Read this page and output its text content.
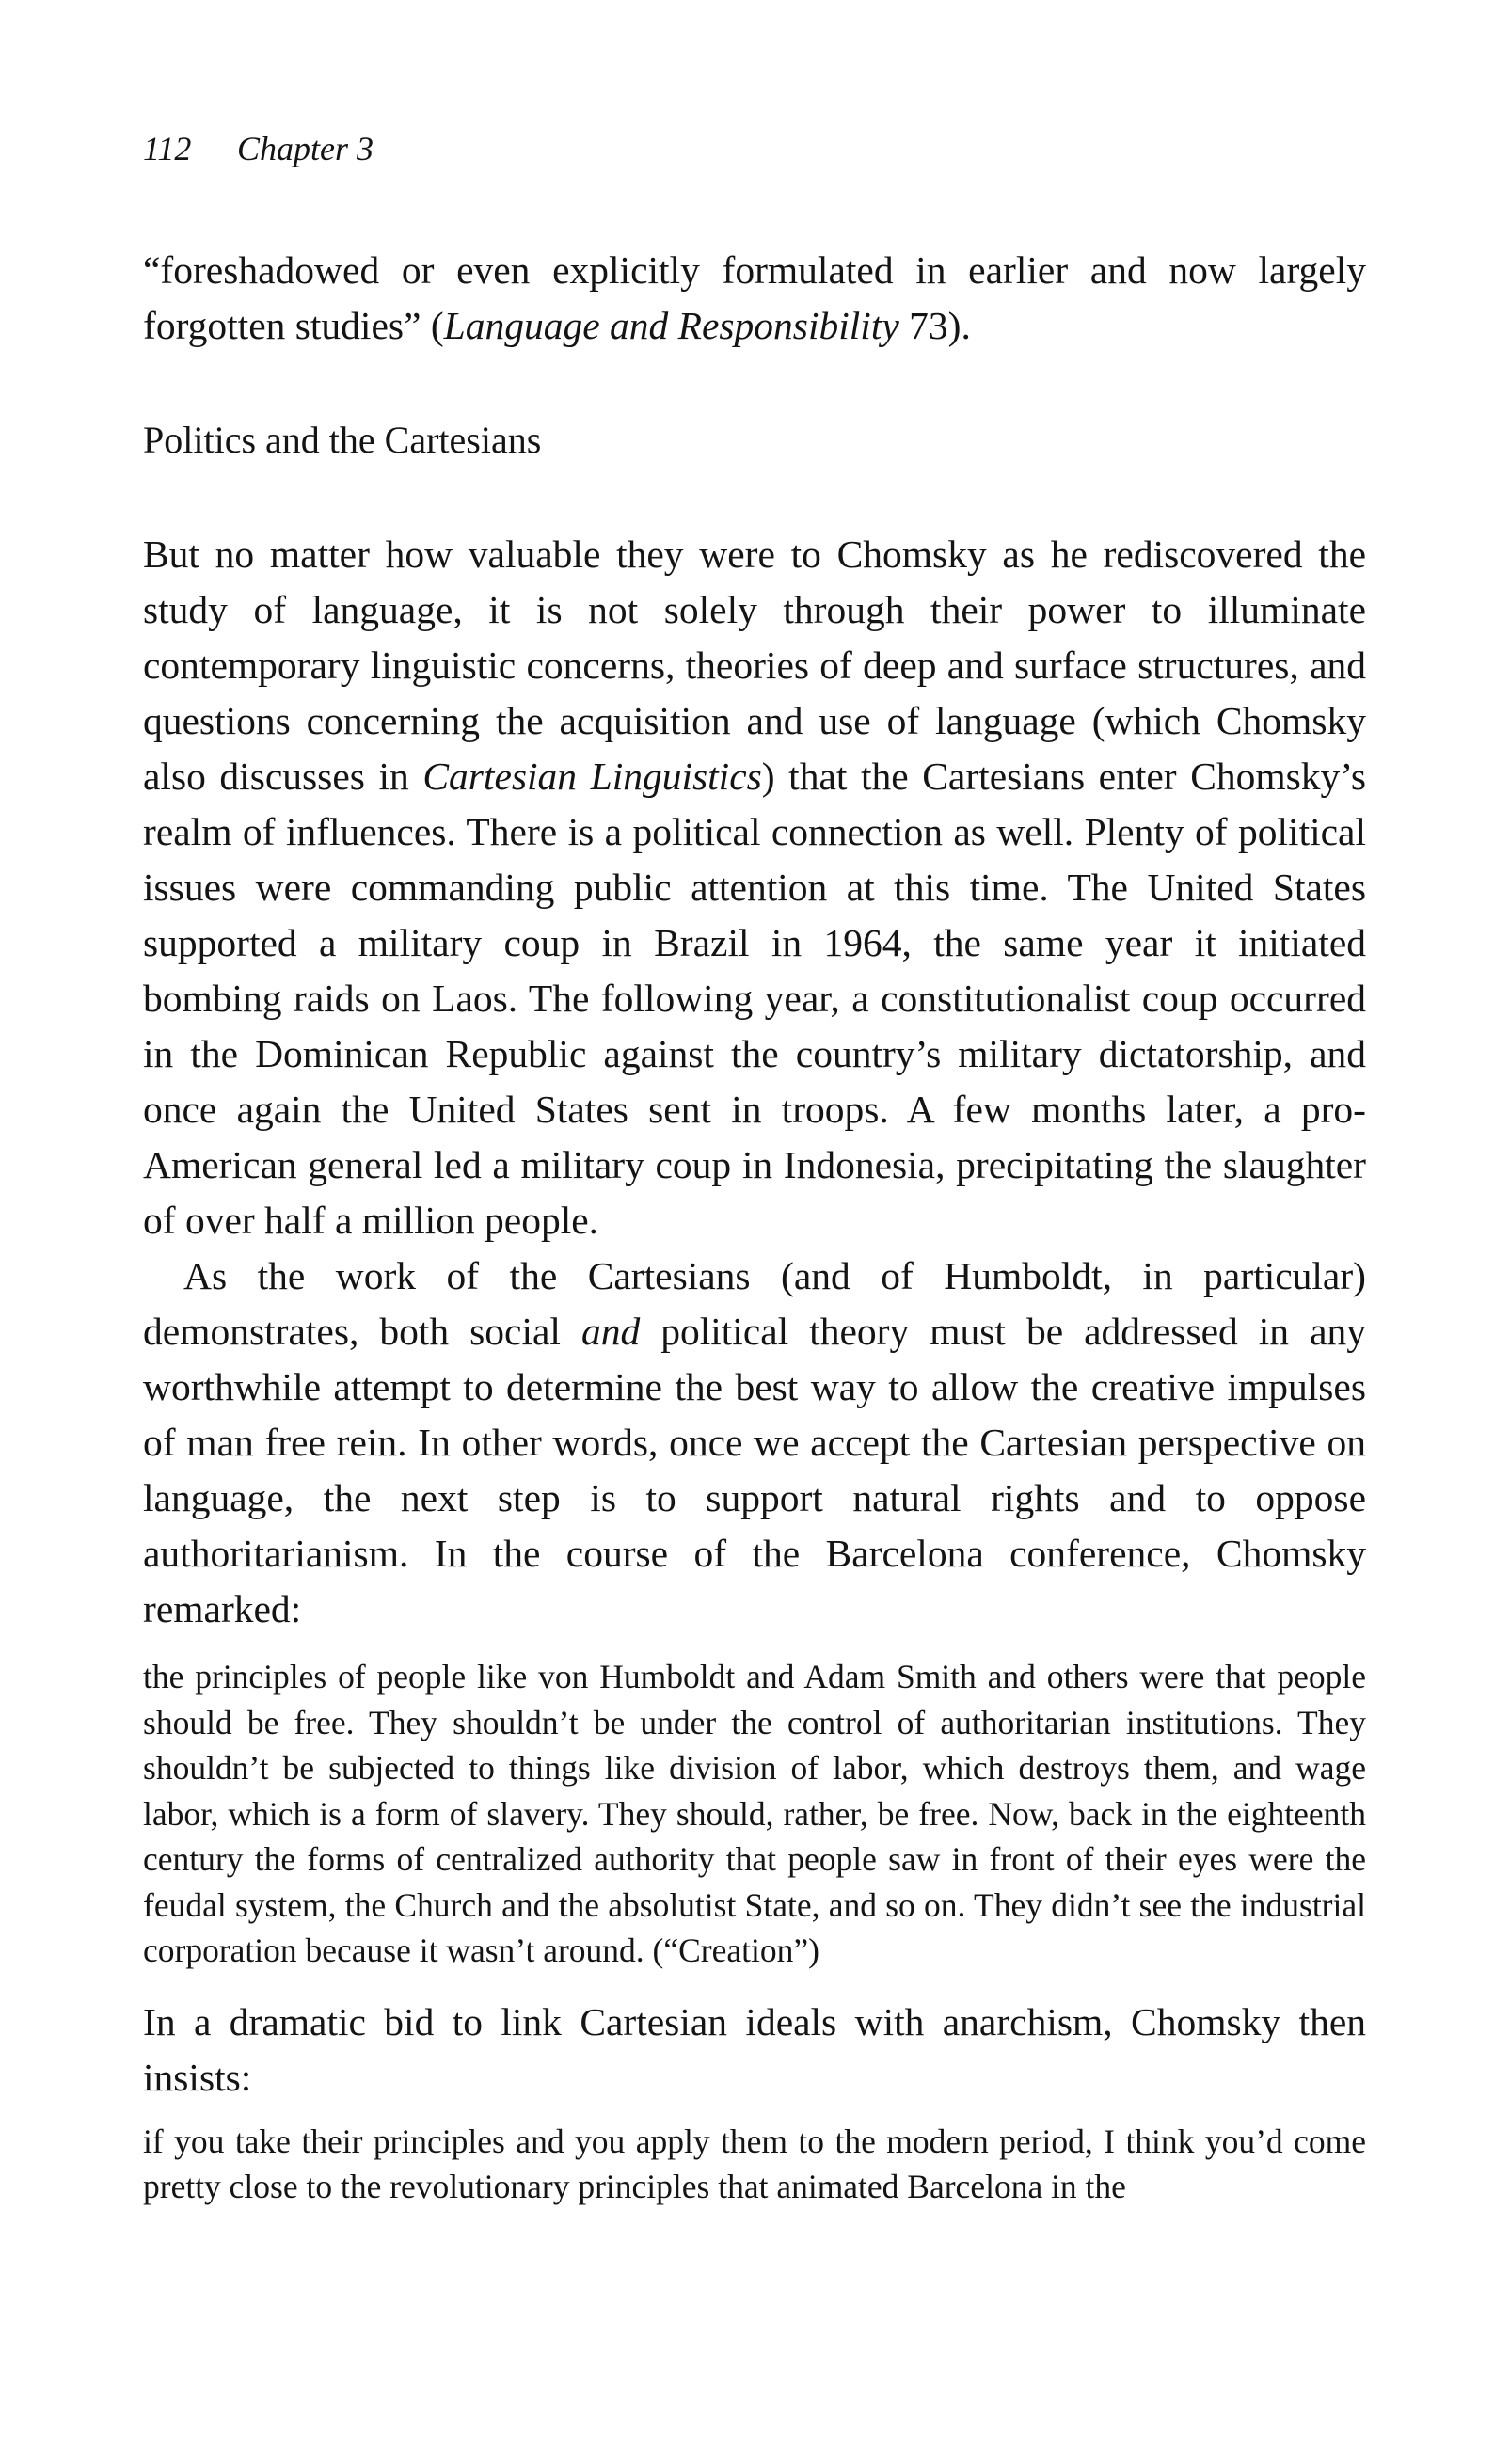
112 Chapter 3

“foreshadowed or even explicitly formulated in earlier and now largely forgotten studies” (Language and Responsibility 73).

Politics and the Cartesians

But no matter how valuable they were to Chomsky as he rediscovered the study of language, it is not solely through their power to illuminate contemporary linguistic concerns, theories of deep and surface structures, and questions concerning the acquisition and use of language (which Chomsky also discusses in Cartesian Linguistics) that the Cartesians enter Chomsky’s realm of influences. There is a political connection as well. Plenty of political issues were commanding public attention at this time. The United States supported a military coup in Brazil in 1964, the same year it initiated bombing raids on Laos. The following year, a constitutionalist coup occurred in the Dominican Republic against the country’s military dictatorship, and once again the United States sent in troops. A few months later, a pro-American general led a military coup in Indonesia, precipitating the slaughter of over half a million people.

As the work of the Cartesians (and of Humboldt, in particular) demonstrates, both social and political theory must be addressed in any worthwhile attempt to determine the best way to allow the creative impulses of man free rein. In other words, once we accept the Cartesian perspective on language, the next step is to support natural rights and to oppose authoritarianism. In the course of the Barcelona conference, Chomsky remarked:

the principles of people like von Humboldt and Adam Smith and others were that people should be free. They shouldn’t be under the control of authoritarian institutions. They shouldn’t be subjected to things like division of labor, which destroys them, and wage labor, which is a form of slavery. They should, rather, be free. Now, back in the eighteenth century the forms of centralized authority that people saw in front of their eyes were the feudal system, the Church and the absolutist State, and so on. They didn’t see the industrial corporation because it wasn’t around. (“Creation”)

In a dramatic bid to link Cartesian ideals with anarchism, Chomsky then insists:

if you take their principles and you apply them to the modern period, I think you’d come pretty close to the revolutionary principles that animated Barcelona in the
